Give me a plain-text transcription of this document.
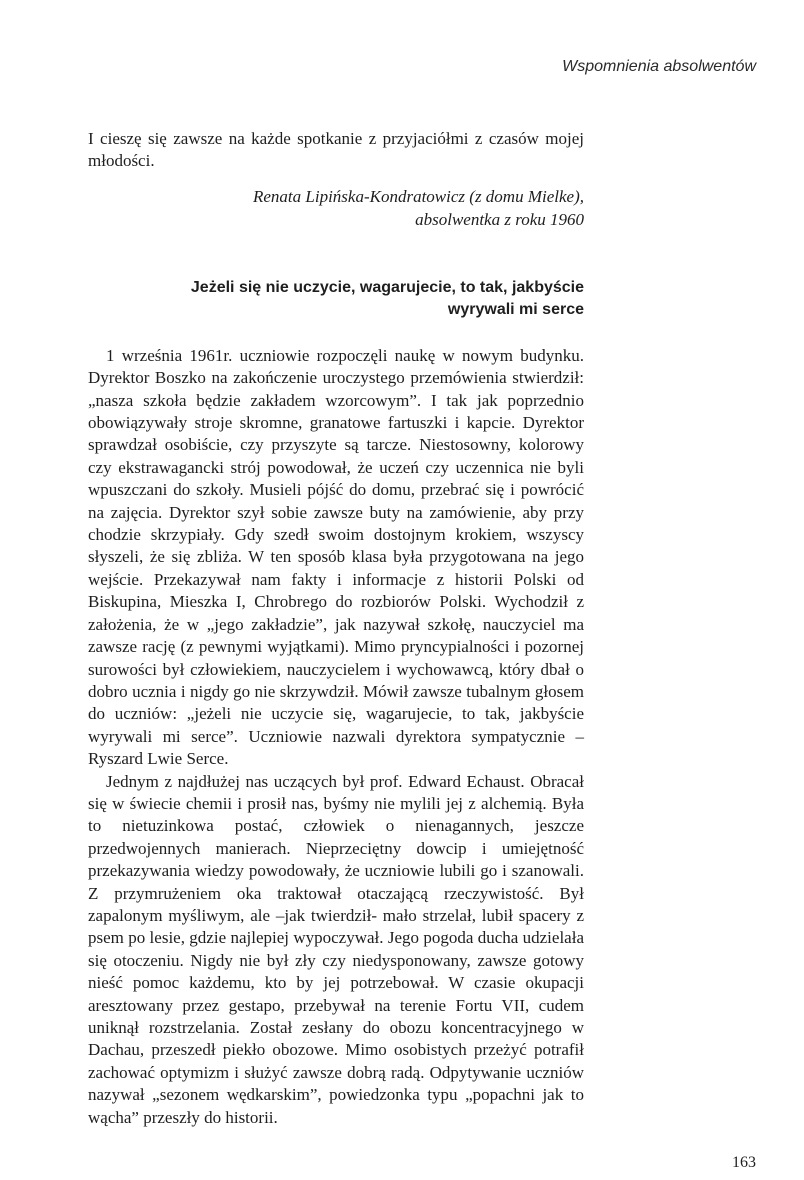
Wspomnienia absolwentów

I cieszę się zawsze na każde spotkanie z przyjaciółmi z czasów mojej młodości.

Renata Lipińska-Kondratowicz (z domu Mielke),
absolwentka z roku 1960
Jeżeli się nie uczycie, wagarujecie, to tak, jakbyście
wyrywali mi serce

1 września 1961r. uczniowie rozpoczęli naukę w nowym budynku. Dyrektor Boszko na zakończenie uroczystego przemówienia stwierdził: „nasza szkoła będzie zakładem wzorcowym”. I tak jak poprzednio obowiązywały stroje skromne, granatowe fartuszki i kapcie. Dyrektor sprawdzał osobiście, czy przyszyte są tarcze. Niestosowny, kolorowy czy ekstrawagancki strój powodował, że uczeń czy uczennica nie byli wpuszczani do szkoły. Musieli pójść do domu, przebrać się i powrócić na zajęcia. Dyrektor szył sobie zawsze buty na zamówienie, aby przy chodzie skrzypiały. Gdy szedł swoim dostojnym krokiem, wszyscy słyszeli, że się zbliża. W ten sposób klasa była przygotowana na jego wejście. Przekazywał nam fakty i informacje z historii Polski od Biskupina, Mieszka I, Chrobrego do rozbiorów Polski. Wychodził z założenia, że w „jego zakładzie”, jak nazywał szkołę, nauczyciel ma zawsze rację (z pewnymi wyjątkami). Mimo pryncypialności i pozornej surowości był człowiekiem, nauczycielem i wychowawcą, który dbał o dobro ucznia i nigdy go nie skrzywdził. Mówił zawsze tubalnym głosem do uczniów: „jeżeli nie uczycie się, wagarujecie, to tak, jakbyście wyrywali mi serce”. Uczniowie nazwali dyrektora sympatycznie – Ryszard Lwie Serce.

Jednym z najdłużej nas uczących był prof. Edward Echaust. Obracał się w świecie chemii i prosił nas, byśmy nie mylili jej z alchemią. Była to nietuzinkowa postać, człowiek o nienagannych, jeszcze przedwojennych manierach. Nieprzeciętny dowcip i umiejętność przekazywania wiedzy powodowały, że uczniowie lubili go i szanowali. Z przymrużeniem oka traktował otaczającą rzeczywistość. Był zapalonym myśliwym, ale –jak twierdził- mało strzelał, lubił spacery z psem po lesie, gdzie najlepiej wypoczywał. Jego pogoda ducha udzielała się otoczeniu. Nigdy nie był zły czy niedysponowany, zawsze gotowy nieść pomoc każdemu, kto by jej potrzebował. W czasie okupacji aresztowany przez gestapo, przebywał na terenie Fortu VII, cudem uniknął rozstrzelania. Został zesłany do obozu koncentracyjnego w Dachau, przeszedł piekło obozowe. Mimo osobistych przeżyć potrafił zachować optymizm i służyć zawsze dobrą radą. Odpytywanie uczniów nazywał „sezonem wędkarskim”, powiedzonka typu „popachni jak to wącha” przeszły do historii.

163
